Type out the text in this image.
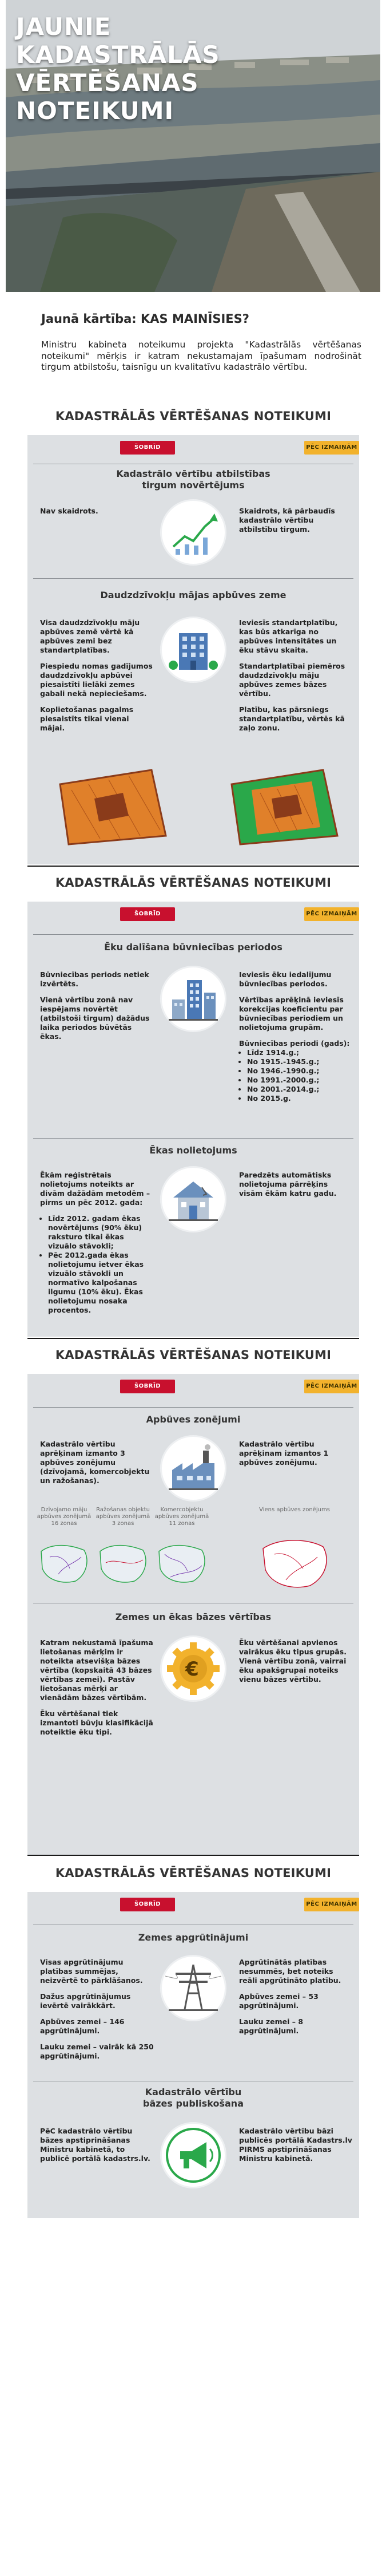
JAUNIE
KADASTRĀLĀS
VĒRTĒŠANAS
NOTEIKUMI
Jaunā kārtība: KAS MAINĪSIES?
Ministru kabineta noteikumu projekta "Kadastrālās vērtēšanas noteikumi" mērķis ir katram nekustamajam īpašumam nodrošināt tirgum atbilstošu, taisnīgu un kvalitatīvu kadastrālo vērtību.
KADASTRĀLĀS VĒRTĒŠANAS NOTEIKUMI
ŠOBRĪD	PĒC IZMAIŅĀM
Kadastrālo vērtību atbilstības
tirgum novērtējums
Nav skaidrots.	Skaidrots, kā pārbaudīs kadastrālo vērtību atbilstību tirgum.
Daudzdzīvokļu mājas apbūves zeme

Visa daudzdzīvokļu māju apbūves zemē vērtē kā apbūves zemi bez standartplatības.

Piespiedu nomas gadījumos daudzdzīvokļu apbūvei piesaistīti lielāki zemes gabali nekā nepieciešams.

Koplietošanas pagalms piesaistīts tikai vienai mājai.

Ieviesīs standartplatību, kas būs atkarīga no apbūves intensitātes un ēku stāvu skaita.

Standartplatībai piemēros daudzdzīvokļu māju apbūves zemes bāzes vērtību.

Platību, kas pārsniegs standartplatību, vērtēs kā zaļo zonu.

KADASTRĀLĀS VĒRTĒŠANAS NOTEIKUMI
ŠOBRĪD	PĒC IZMAIŅĀM
Ēku dalīšana būvniecības periodos

Būvniecības periods netiek izvērtēts.

Vienā vērtību zonā nav iespējams novērtēt (atbilstoši tirgum) dažādus laika periodos būvētās ēkas.

Ieviesīs ēku iedalījumu būvniecības periodos.

Vērtības aprēķinā ieviesīs korekcijas koeficientu par būvniecības periodiem un nolietojuma grupām.

Būvniecības periodi (gads):
• Līdz 1914.g.;
• No 1915.-1945.g.;
• No 1946.-1990.g.;
• No 1991.-2000.g.;
• No 2001.-2014.g.;
• No 2015.g.
Ēkas nolietojums

Ēkām reģistrētais nolietojums noteikts ar divām dažādām metodēm – pirms un pēc 2012. gada:

• Līdz 2012. gadam ēkas novērtējums (90% ēku) raksturo tikai ēkas vizuālo stāvokli;
• Pēc 2012.gada ēkas nolietojumu ietver ēkas vizuālo stāvokli un normatīvo kalpošanas ilgumu (10% ēku). Ēkas nolietojumu nosaka procentos.
Paredzēts automātisks nolietojuma pārrēķins visām ēkām katru gadu.
KADASTRĀLĀS VĒRTĒŠANAS NOTEIKUMI
ŠOBRĪD	PĒC IZMAIŅĀM
Apbūves zonējumi
Kadastrālo vērtību aprēķinam izmanto 3 apbūves zonējumu (dzīvojamā, komercobjektu un ražošanas).
Kadastrālo vērtību aprēķinam izmantos 1 apbūves zonējumu.
Dzīvojamo māju apbūves zonējumā 16 zonas
Ražošanas objektu apbūves zonējumā 3 zonas
Komercobjektu apbūves zonējumā 11 zonas
Viens apbūves zonējums
Zemes un ēkas bāzes vērtības

Katram nekustamā īpašuma lietošanas mērķim ir noteikta atsevišķa bāzes vērtība (kopskaitā 43 bāzes vērtības zemei). Pastāv lietošanas mērķi ar vienādām bāzes vērtībām.

Ēku vērtēšanai tiek izmantoti būvju klasifikācijā noteiktie ēku tipi.

€
Ēku vērtēšanai apvienos vairākus ēku tipus grupās. Vienā vērtību zonā, vairrai ēku apakšgrupai noteiks vienu bāzes vērtību.
KADASTRĀLĀS VĒRTĒŠANAS NOTEIKUMI
ŠOBRĪD	PĒC IZMAIŅĀM
Zemes apgrūtinājumi

Visas apgrūtinājumu platības summējas, neizvērtē to pārklāšanos.

Dažus apgrūtinājumus ievērtē vairākkārt.

Apbūves zemei – 146 apgrūtinājumi.

Lauku zemei – vairāk kā 250 apgrūtinājumi.

Apgrūtinātās platības nesummēs, bet noteiks reāli apgrūtināto platību.

Apbūves zemei – 53 apgrūtinājumi.

Lauku zemei – 8 apgrūtinājumi.

Kadastrālo vērtību
bāzes publiskošana
PēC kadastrālo vērtību bāzes apstiprināšanas Ministru kabinetā, to publicē portālā kadastrs.lv.
Kadastrālo vērtību bāzi publicēs portālā Kadastrs.lv PIRMS apstiprināšanas Ministru kabinetā.
